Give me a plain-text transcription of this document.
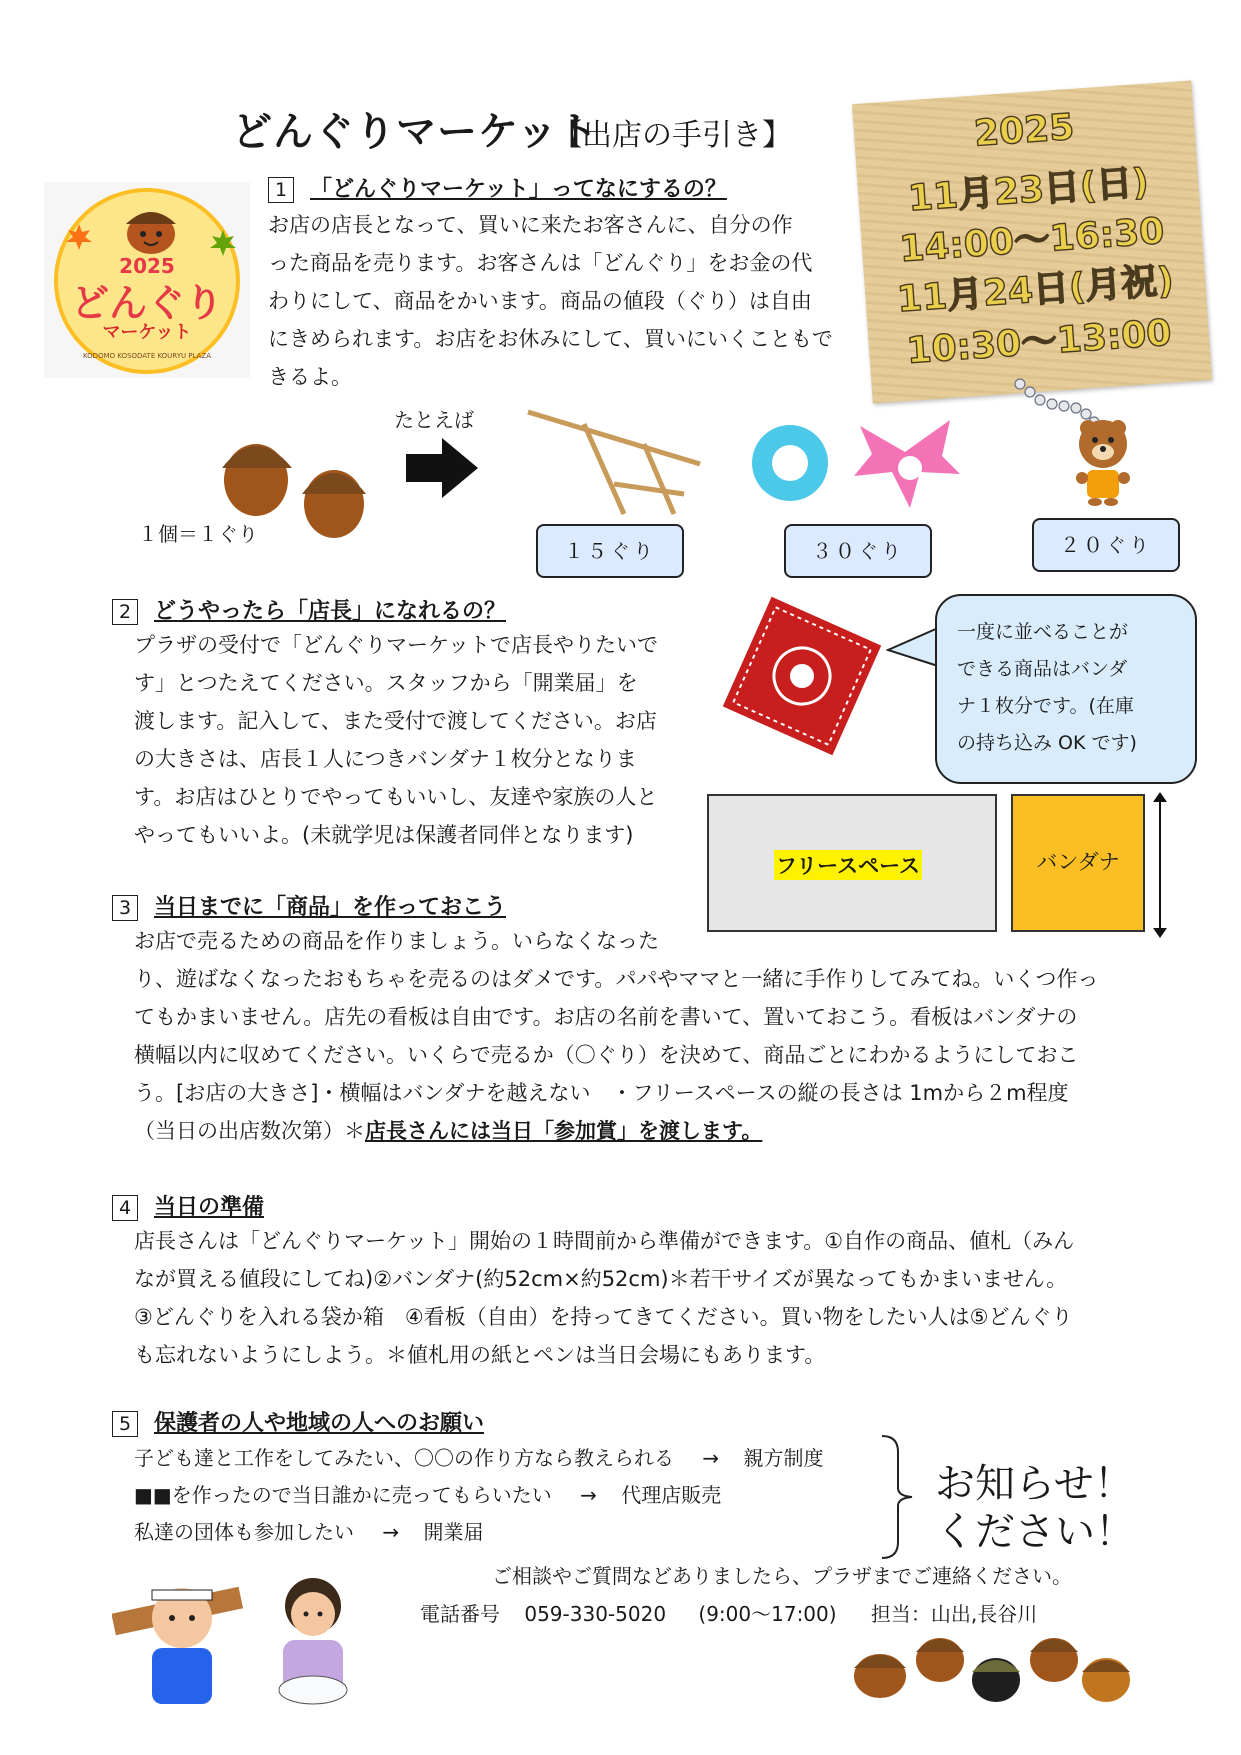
どんぐりマーケット
【出店の手引き】	2025
11月23日(日)
14:00〜16:30
11月24日(月祝)
10:30〜13:00
2025
どんぐり
マーケット
KODOMO KOSODATE KOURYU PLAZA
1 「どんぐりマーケット」ってなにするの？

お店の店長となって、買いに来たお客さんに、自分の作

った商品を売ります。お客さんは「どんぐり」をお金の代

わりにして、商品をかいます。商品の値段（ぐり）は自由

にきめられます。お店をお休みにして、買いにいくこともで

きるよ。

１個＝１ぐり
たとえば
１５ぐり	３０ぐり	２０ぐり
2 どうやったら「店長」になれるの？

プラザの受付で「どんぐりマーケットで店長やりたいで

す」とつたえてください。スタッフから「開業届」を

渡します。記入して、また受付で渡してください。お店

の大きさは、店長１人につきバンダナ１枚分となりま

す。お店はひとりでやってもいいし、友達や家族の人と

やってもいいよ。(未就学児は保護者同伴となります)

一度に並べることが
できる商品はバンダ
ナ１枚分です。(在庫
の持ち込み OK です)
フリースペース	バンダナ
3 当日までに「商品」を作っておこう

お店で売るための商品を作りましょう。いらなくなった

り、遊ばなくなったおもちゃを売るのはダメです。パパやママと一緒に手作りしてみてね。いくつ作っ

てもかまいません。店先の看板は自由です。お店の名前を書いて、置いておこう。看板はバンダナの

横幅以内に収めてください。いくらで売るか（〇ぐり）を決めて、商品ごとにわかるようにしておこ

う。[お店の大きさ]・横幅はバンダナを越えない　・フリースペースの縦の長さは 1mから２m程度

（当日の出店数次第）＊店長さんには当日「参加賞」を渡します。

4 当日の準備

店長さんは「どんぐりマーケット」開始の１時間前から準備ができます。①自作の商品、値札（みん

なが買える値段にしてね)②バンダナ(約52cm×約52cm)＊若干サイズが異なってもかまいません。

③どんぐりを入れる袋か箱　④看板（自由）を持ってきてください。買い物をしたい人は⑤どんぐり

も忘れないようにしよう。＊値札用の紙とペンは当日会場にもあります。

5 保護者の人や地域の人へのお願い
子ども達と工作をしてみたい、〇〇の作り方なら教えられる → 親方制度
■■を作ったので当日誰かに売ってもらいたい → 代理店販売
私達の団体も参加したい → 開業届
お知らせ！
ください！
ご相談やご質問などありましたら、プラザまでご連絡ください。
電話番号 059-330-5020 (9:00〜17:00) 担当：山出,長谷川
